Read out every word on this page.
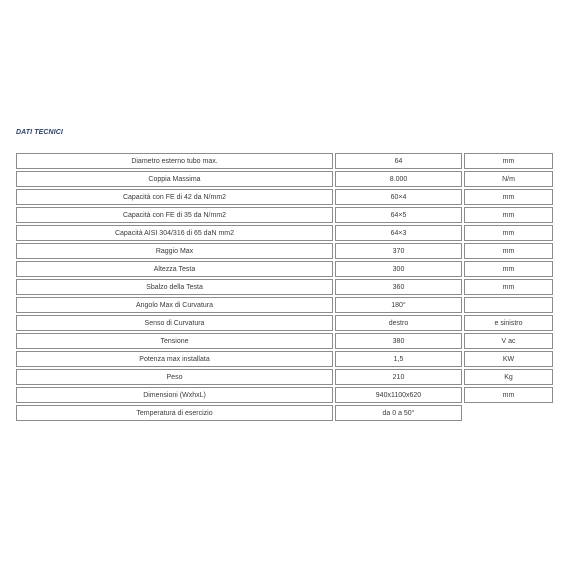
DATI TECNICI
Diametro esterno tubo max.	64	mm
Coppia Massima	8.000	N/m
Capacità con FE di 42 da N/mm2	60×4	mm
Capacità con FE di 35 da N/mm2	64×5	mm
Capacità AISI 304/316 di 65 daN mm2	64×3	mm
Raggio Max	370	mm
Altezza Testa	300	mm
Sbalzo della Testa	360	mm
Angolo Max di Curvatura	180°	
Senso di Curvatura	destro	e sinistro
Tensione	380	V ac
Potenza max installata	1,5	KW
Peso	210	Kg
Dimensioni (WxhxL)	940x1100x620	mm
Temperatura di esercizio	da 0 a 50°	
